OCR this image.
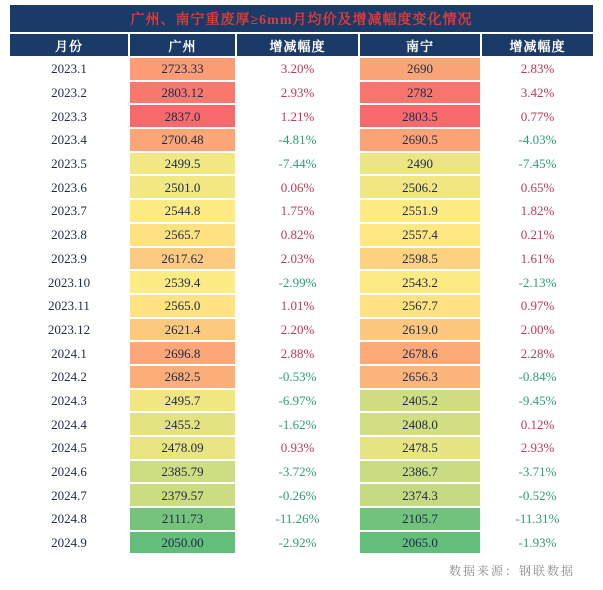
广州、南宁重废厚≥6mm月均价及增减幅度变化情况
月份	广州	增减幅度	南宁	增减幅度
2023.1	2723.33	3.20%	2690	2.83%
2023.2	2803.12	2.93%	2782	3.42%
2023.3	2837.0	1.21%	2803.5	0.77%
2023.4	2700.48	-4.81%	2690.5	-4.03%
2023.5	2499.5	-7.44%	2490	-7.45%
2023.6	2501.0	0.06%	2506.2	0.65%
2023.7	2544.8	1.75%	2551.9	1.82%
2023.8	2565.7	0.82%	2557.4	0.21%
2023.9	2617.62	2.03%	2598.5	1.61%
2023.10	2539.4	-2.99%	2543.2	-2.13%
2023.11	2565.0	1.01%	2567.7	0.97%
2023.12	2621.4	2.20%	2619.0	2.00%
2024.1	2696.8	2.88%	2678.6	2.28%
2024.2	2682.5	-0.53%	2656.3	-0.84%
2024.3	2495.7	-6.97%	2405.2	-9.45%
2024.4	2455.2	-1.62%	2408.0	0.12%
2024.5	2478.09	0.93%	2478.5	2.93%
2024.6	2385.79	-3.72%	2386.7	-3.71%
2024.7	2379.57	-0.26%	2374.3	-0.52%
2024.8	2111.73	-11.26%	2105.7	-11.31%
2024.9	2050.00	-2.92%	2065.0	-1.93%
数据来源：钢联数据
